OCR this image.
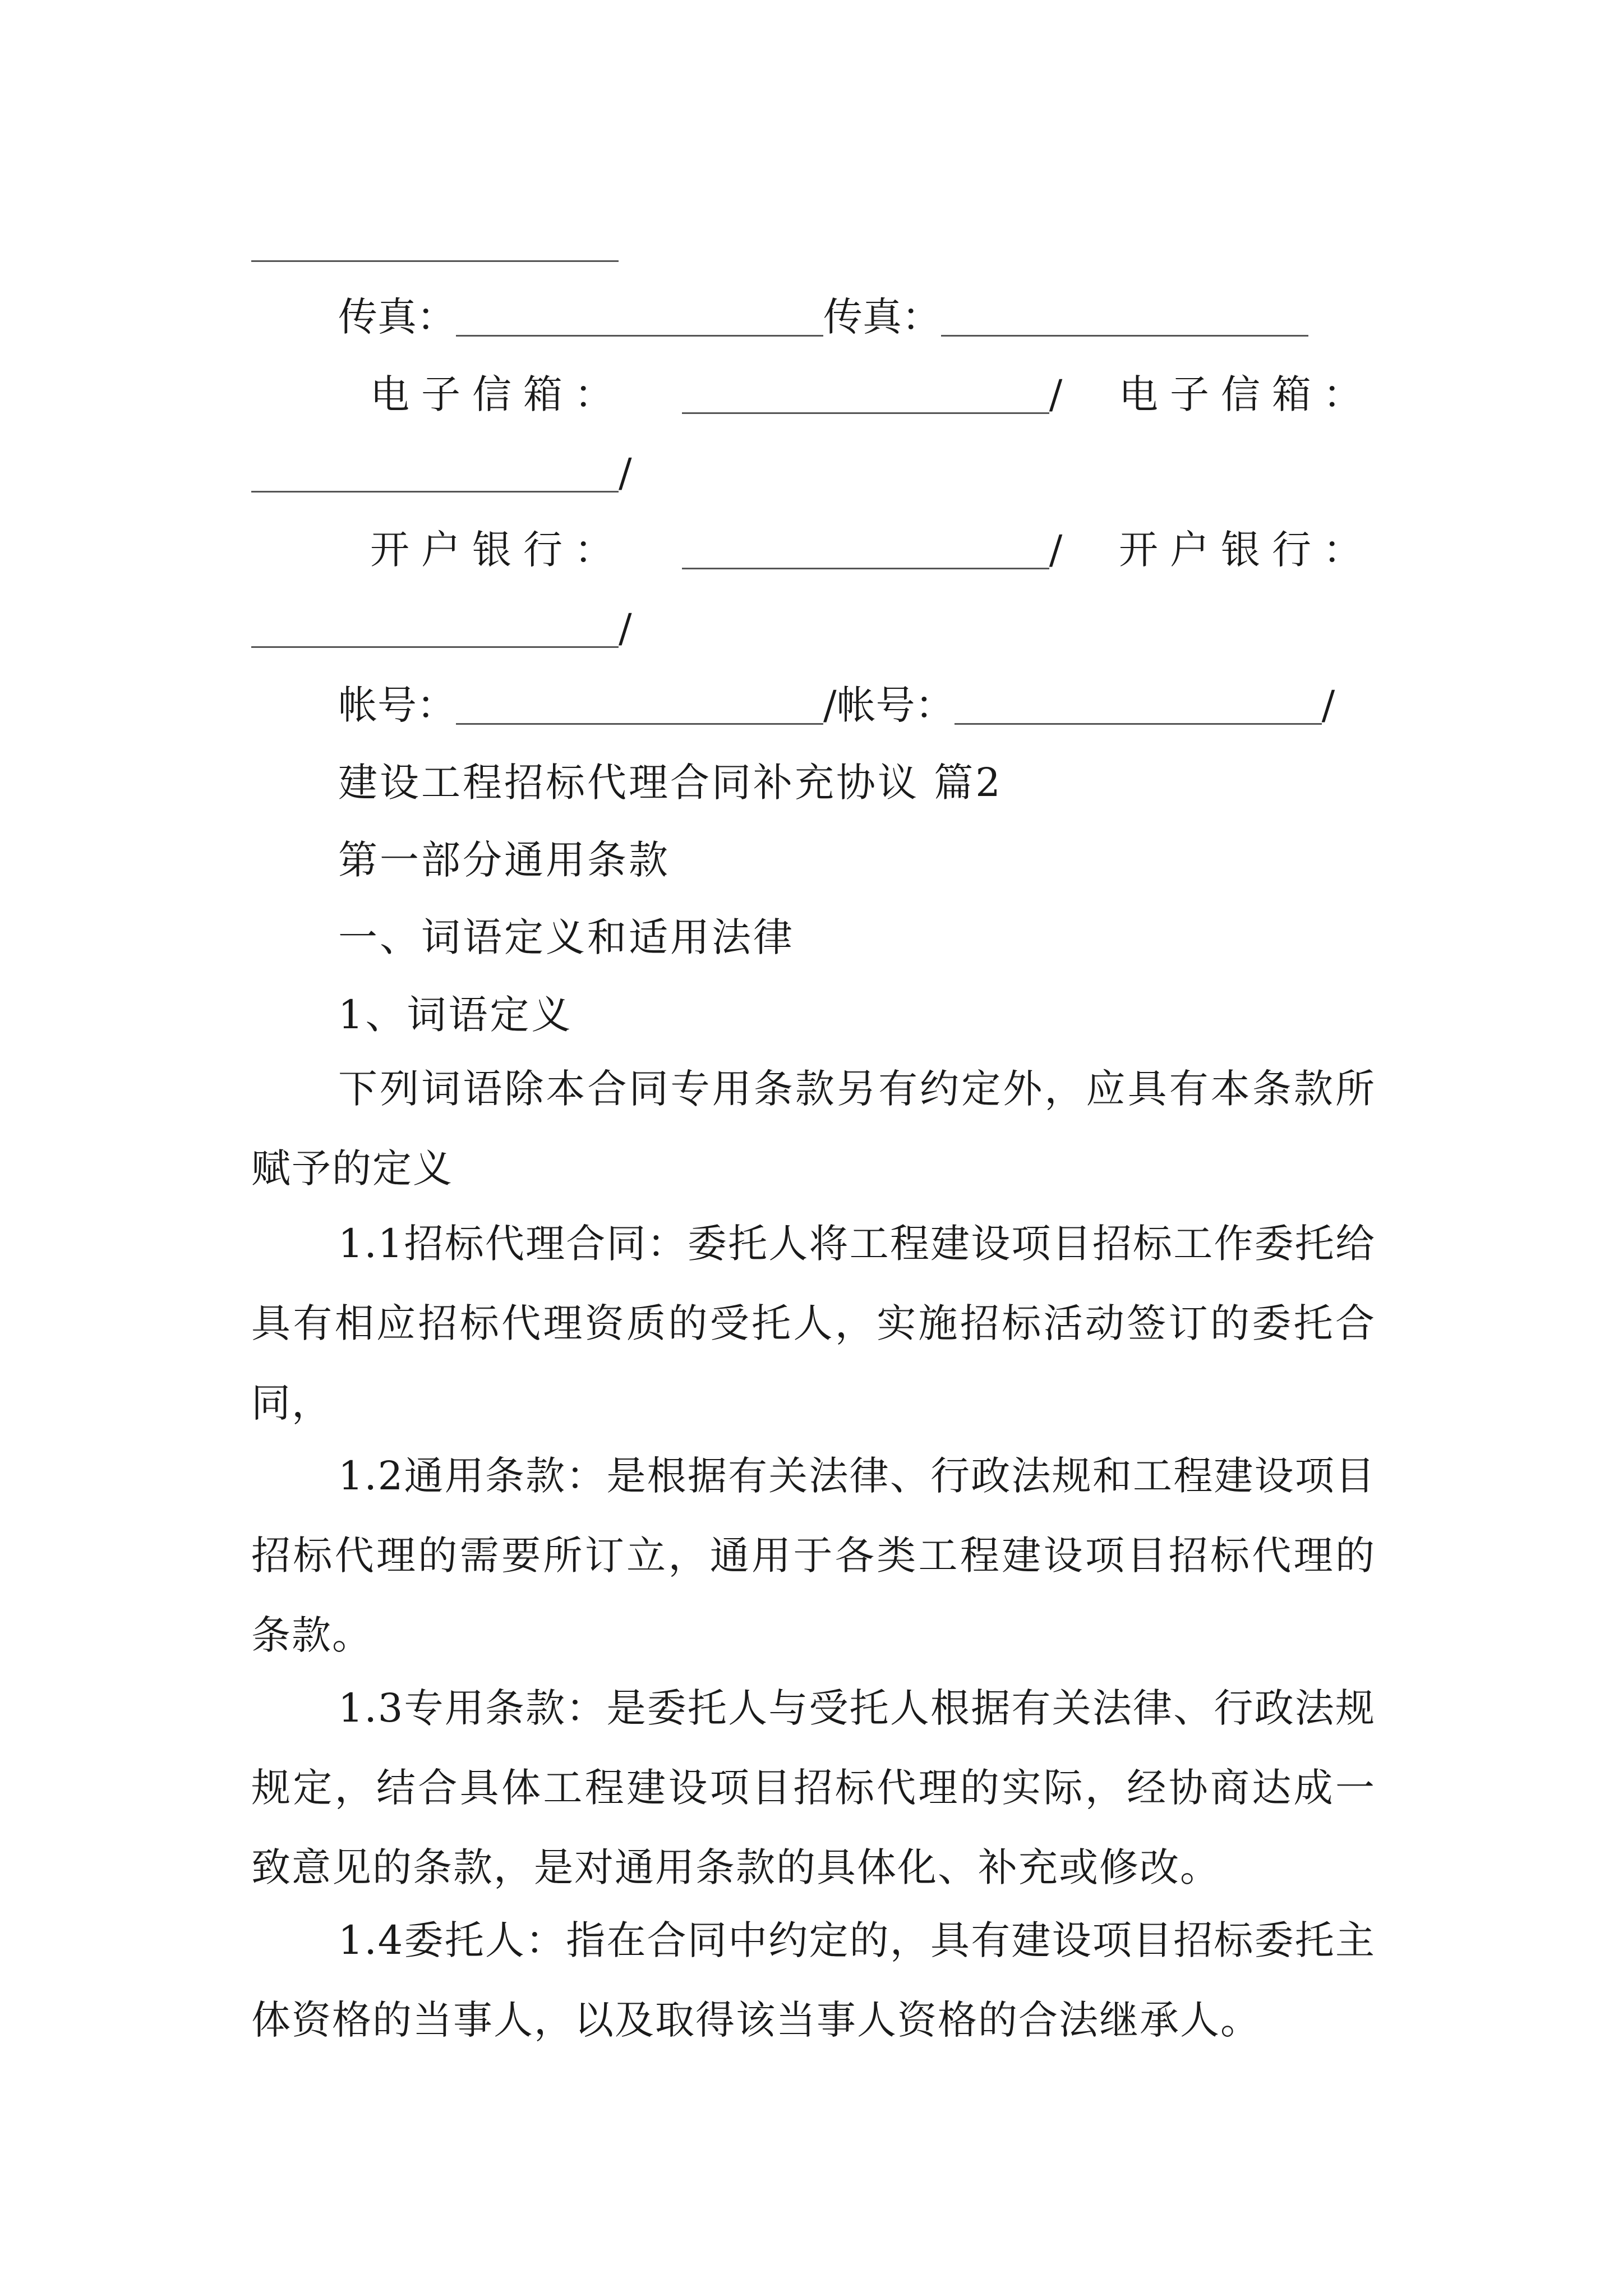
传真：	传真：
电子信箱：	/ 电子信箱：
/
开户银行：	/ 开户银行：
/
帐号：	/帐号：	/
建设工程招标代理合同补充协议 篇2
第一部分通用条款
一、词语定义和适用法律
1、词语定义

下列词语除本合同专用条款另有约定外，应具有本条款所赋予的定义

1.1招标代理合同：委托人将工程建设项目招标工作委托给具有相应招标代理资质的受托人，实施招标活动签订的委托合同，

1.2通用条款：是根据有关法律、行政法规和工程建设项目招标代理的需要所订立，通用于各类工程建设项目招标代理的条款。

1.3专用条款：是委托人与受托人根据有关法律、行政法规规定，结合具体工程建设项目招标代理的实际，经协商达成一致意见的条款，是对通用条款的具体化、补充或修改。

1.4委托人：指在合同中约定的，具有建设项目招标委托主体资格的当事人，以及取得该当事人资格的合法继承人。
